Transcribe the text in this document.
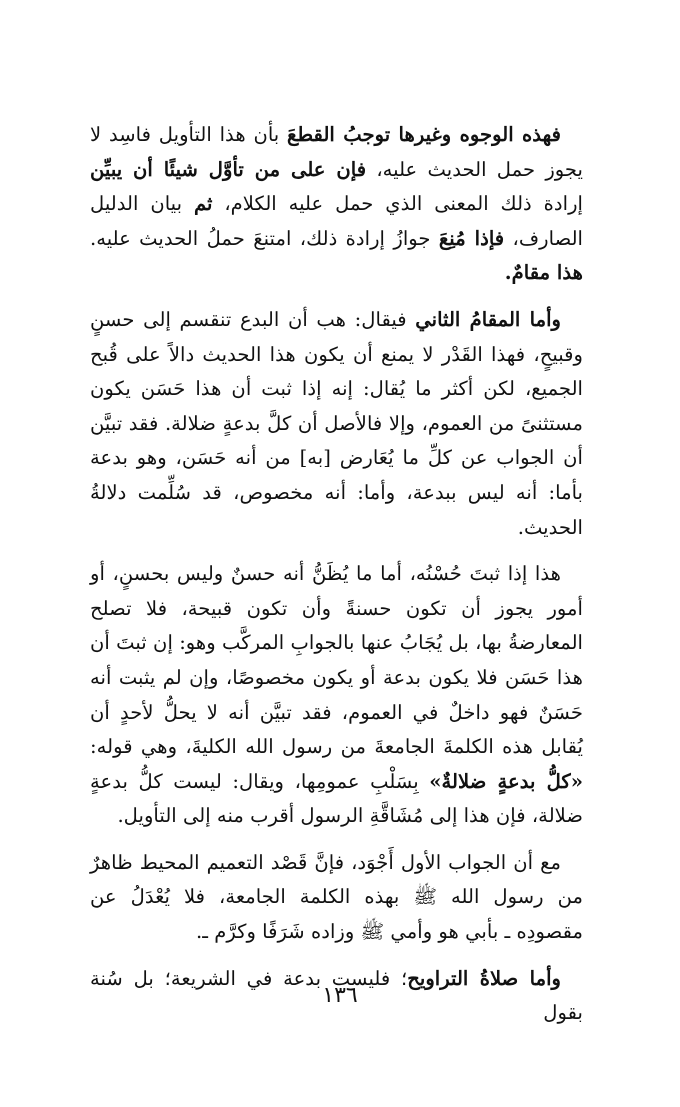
فهذه الوجوه وغيرها توجبُ القطعَ بأن هذا التأويل فاسِد لا يجوز حمل الحديث عليه، فإن على من تأوَّل شيئًا أن يبيِّن إرادة ذلك المعنى الذي حمل عليه الكلام، ثم بيان الدليل الصارف، فإذا مُنِعَ جوازُ إرادة ذلك، امتنعَ حملُ الحديث عليه. هذا مقامٌ.

وأما المقامُ الثاني فيقال: هب أن البدع تنقسم إلى حسنٍ وقبيحٍ، فهذا القَدْر لا يمنع أن يكون هذا الحديث دالاً على قُبح الجميع، لكن أكثر ما يُقال: إنه إذا ثبت أن هذا حَسَن يكون مستثنىً من العموم، وإلا فالأصل أن كلَّ بدعةٍ ضلالة. فقد تبيَّن أن الجواب عن كلِّ ما يُعَارض [به] من أنه حَسَن، وهو بدعة بأما: أنه ليس ببدعة، وأما: أنه مخصوص، قد سُلِّمت دلالةُ الحديث.

هذا إذا ثبتَ حُسْنُه، أما ما يُظَنُّ أنه حسنٌ وليس بحسنٍ، أو أمور يجوز أن تكون حسنةً وأن تكون قبيحة، فلا تصلح المعارضةُ بها، بل يُجَابُ عنها بالجوابِ المركَّب وهو: إن ثبتَ أن هذا حَسَن فلا يكون بدعة أو يكون مخصوصًا، وإن لم يثبت أنه حَسَنٌ فهو داخلٌ في العموم، فقد تبيَّن أنه لا يحلُّ لأحدٍ أن يُقابل هذه الكلمةَ الجامعةَ من رسول الله الكليةَ، وهي قوله: «كلُّ بدعةٍ ضلالةٌ» بِسَلْبِ عمومِها، ويقال: ليست كلُّ بدعةٍ ضلالة، فإن هذا إلى مُشَاقَّةِ الرسول أقرب منه إلى التأويل.

مع أن الجواب الأول أَجْوَد، فإنَّ قَصْد التعميم المحيط ظاهرٌ من رسول الله ﷺ بهذه الكلمة الجامعة، فلا يُعْدَلُ عن مقصودِه ـ بأبي هو وأمي ﷺ وزاده شَرَفًا وكرَّم ـ.

وأما صلاةُ التراويح؛ فليست بدعة في الشريعة؛ بل سُنة بقول

١٣٦
